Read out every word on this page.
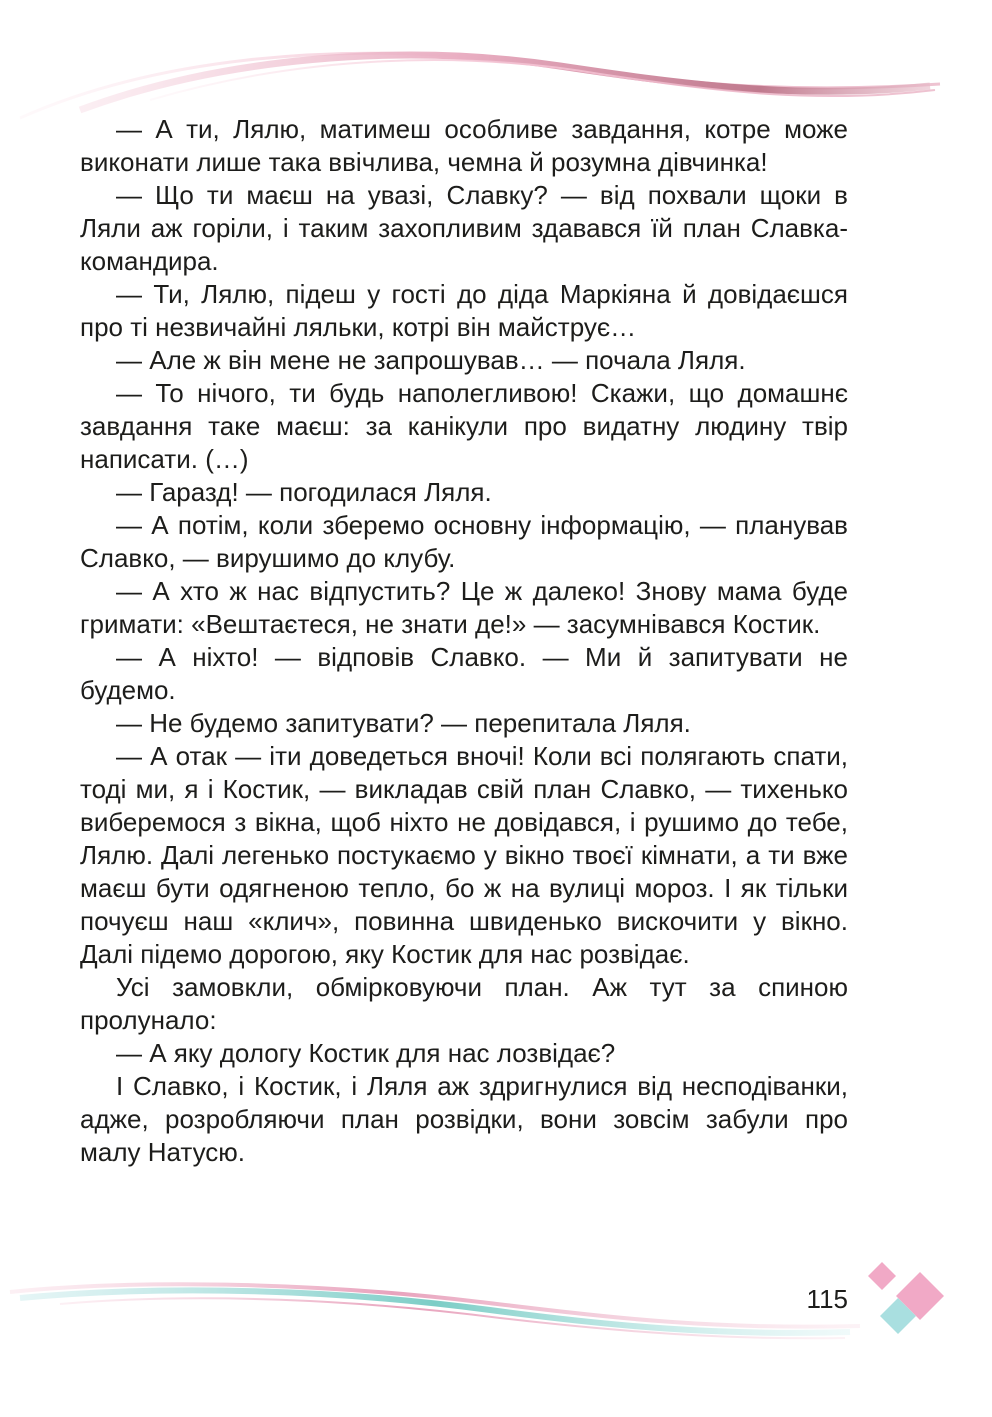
— А ти, Лялю, матимеш особливе завдання, котре може виконати лише така ввічлива, чемна й розумна дівчинка!

— Що ти маєш на увазі, Славку? — від похвали щоки в Ляли аж горіли, і таким захопливим здавався їй план Славка-командира.

— Ти, Лялю, підеш у гості до діда Маркіяна й довідаєшся про ті незвичайні ляльки, котрі він майструє…

— Але ж він мене не запрошував… — почала Ляля.

— То нічого, ти будь наполегливою! Скажи, що домашнє завдання таке маєш: за канікули про видатну людину твір написати. (…)

— Гаразд! — погодилася Ляля.

— А потім, коли зберемо основну інформацію, — планував Славко, — вирушимо до клубу.

— А хто ж нас відпустить? Це ж далеко! Знову мама буде гримати: «Вештаєтеся, не знати де!» — засумнівався Костик.

— А ніхто! — відповів Славко. — Ми й запитувати не будемо.

— Не будемо запитувати? — перепитала Ляля.

— А отак — іти доведеться вночі! Коли всі полягають спати, тоді ми, я і Костик, — викладав свій план Славко, — тихенько виберемося з вікна, щоб ніхто не довідався, і рушимо до тебе, Лялю. Далі легенько постукаємо у вікно твоєї кімнати, а ти вже маєш бути одягненою тепло, бо ж на вулиці мороз. І як тільки почуєш наш «клич», повинна швиденько вискочити у вікно. Далі підемо дорогою, яку Костик для нас розвідає.

Усі замовкли, обмірковуючи план. Аж тут за спиною пролунало:

— А яку дологу Костик для нас лозвідає?

І Славко, і Костик, і Ляля аж здригнулися від несподіванки, адже, розробляючи план розвідки, вони зовсім забули про малу Натусю.

115
